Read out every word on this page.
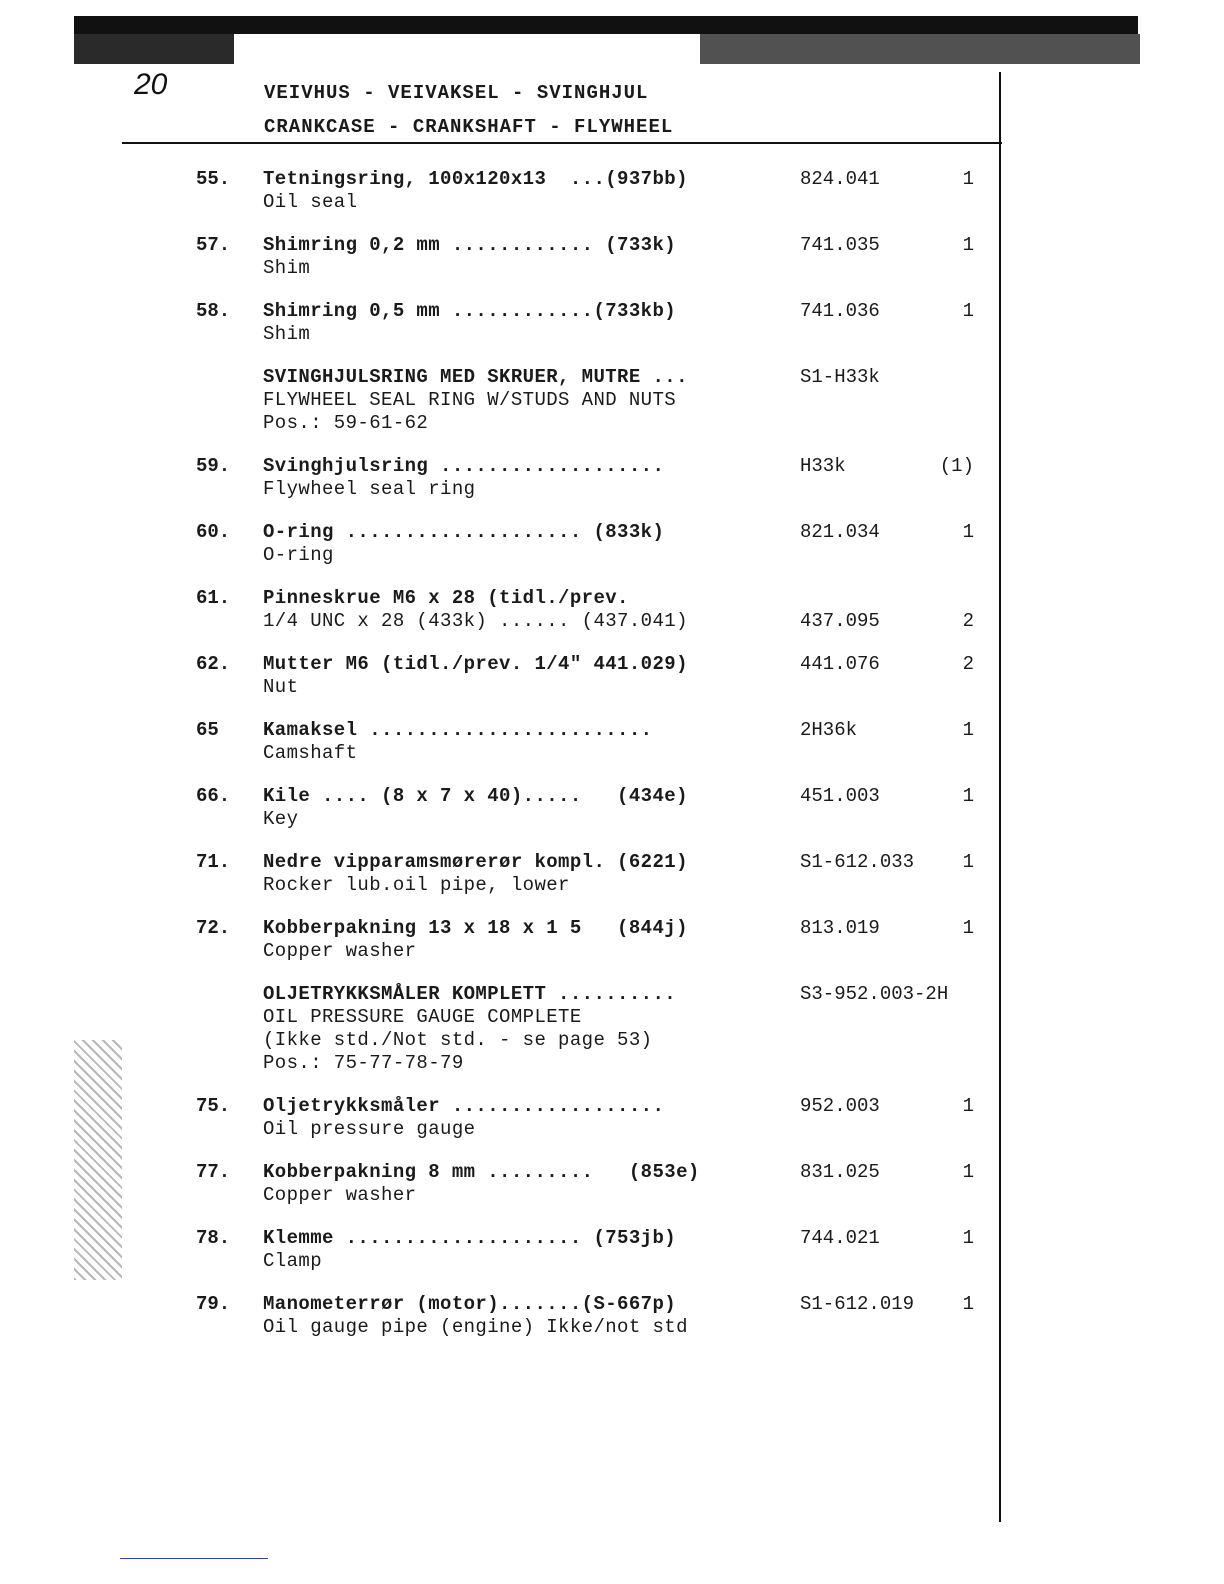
20	VEIVHUS - VEIVAKSEL - SVINGHJUL
CRANKCASE - CRANKSHAFT - FLYWHEEL
55.	Tetningsring, 100x120x13  ...(937bb)
Oil seal
824.041	1
57.	Shimring 0,2 mm ............ (733k)
Shim
741.035	1
58.	Shimring 0,5 mm ............(733kb)
Shim
741.036	1
SVINGHJULSRING MED SKRUER, MUTRE ...
FLYWHEEL SEAL RING W/STUDS AND NUTS
Pos.: 59-61-62
S1-H33k
59.	Svinghjulsring ...................
Flywheel seal ring
H33k	(1)
60.	O-ring .................... (833k)
O-ring
821.034	1
61.	Pinneskrue M6 x 28 (tidl./prev.
1/4 UNC x 28 (433k) ...... (437.041)	437.095	2
62.	Mutter M6 (tidl./prev. 1/4" 441.029)
Nut
441.076	2
65	Kamaksel ........................
Camshaft
2H36k	1
66.	Kile .... (8 x 7 x 40).....   (434e)
Key
451.003	1
71.	Nedre vipparamsmørerør kompl. (6221)
Rocker lub.oil pipe, lower
S1-612.033	1
72.	Kobberpakning 13 x 18 x 1 5   (844j)
Copper washer
813.019	1
OLJETRYKKSMÅLER KOMPLETT ..........
OIL PRESSURE GAUGE COMPLETE
(Ikke std./Not std. - se page 53)
Pos.: 75-77-78-79
S3-952.003-2H
75.	Oljetrykksmåler ..................
Oil pressure gauge
952.003	1
77.	Kobberpakning 8 mm .........   (853e)
Copper washer
831.025	1
78.	Klemme .................... (753jb)
Clamp
744.021	1
79.	Manometerrør (motor).......(S-667p)
Oil gauge pipe (engine) Ikke/not std
S1-612.019	1
